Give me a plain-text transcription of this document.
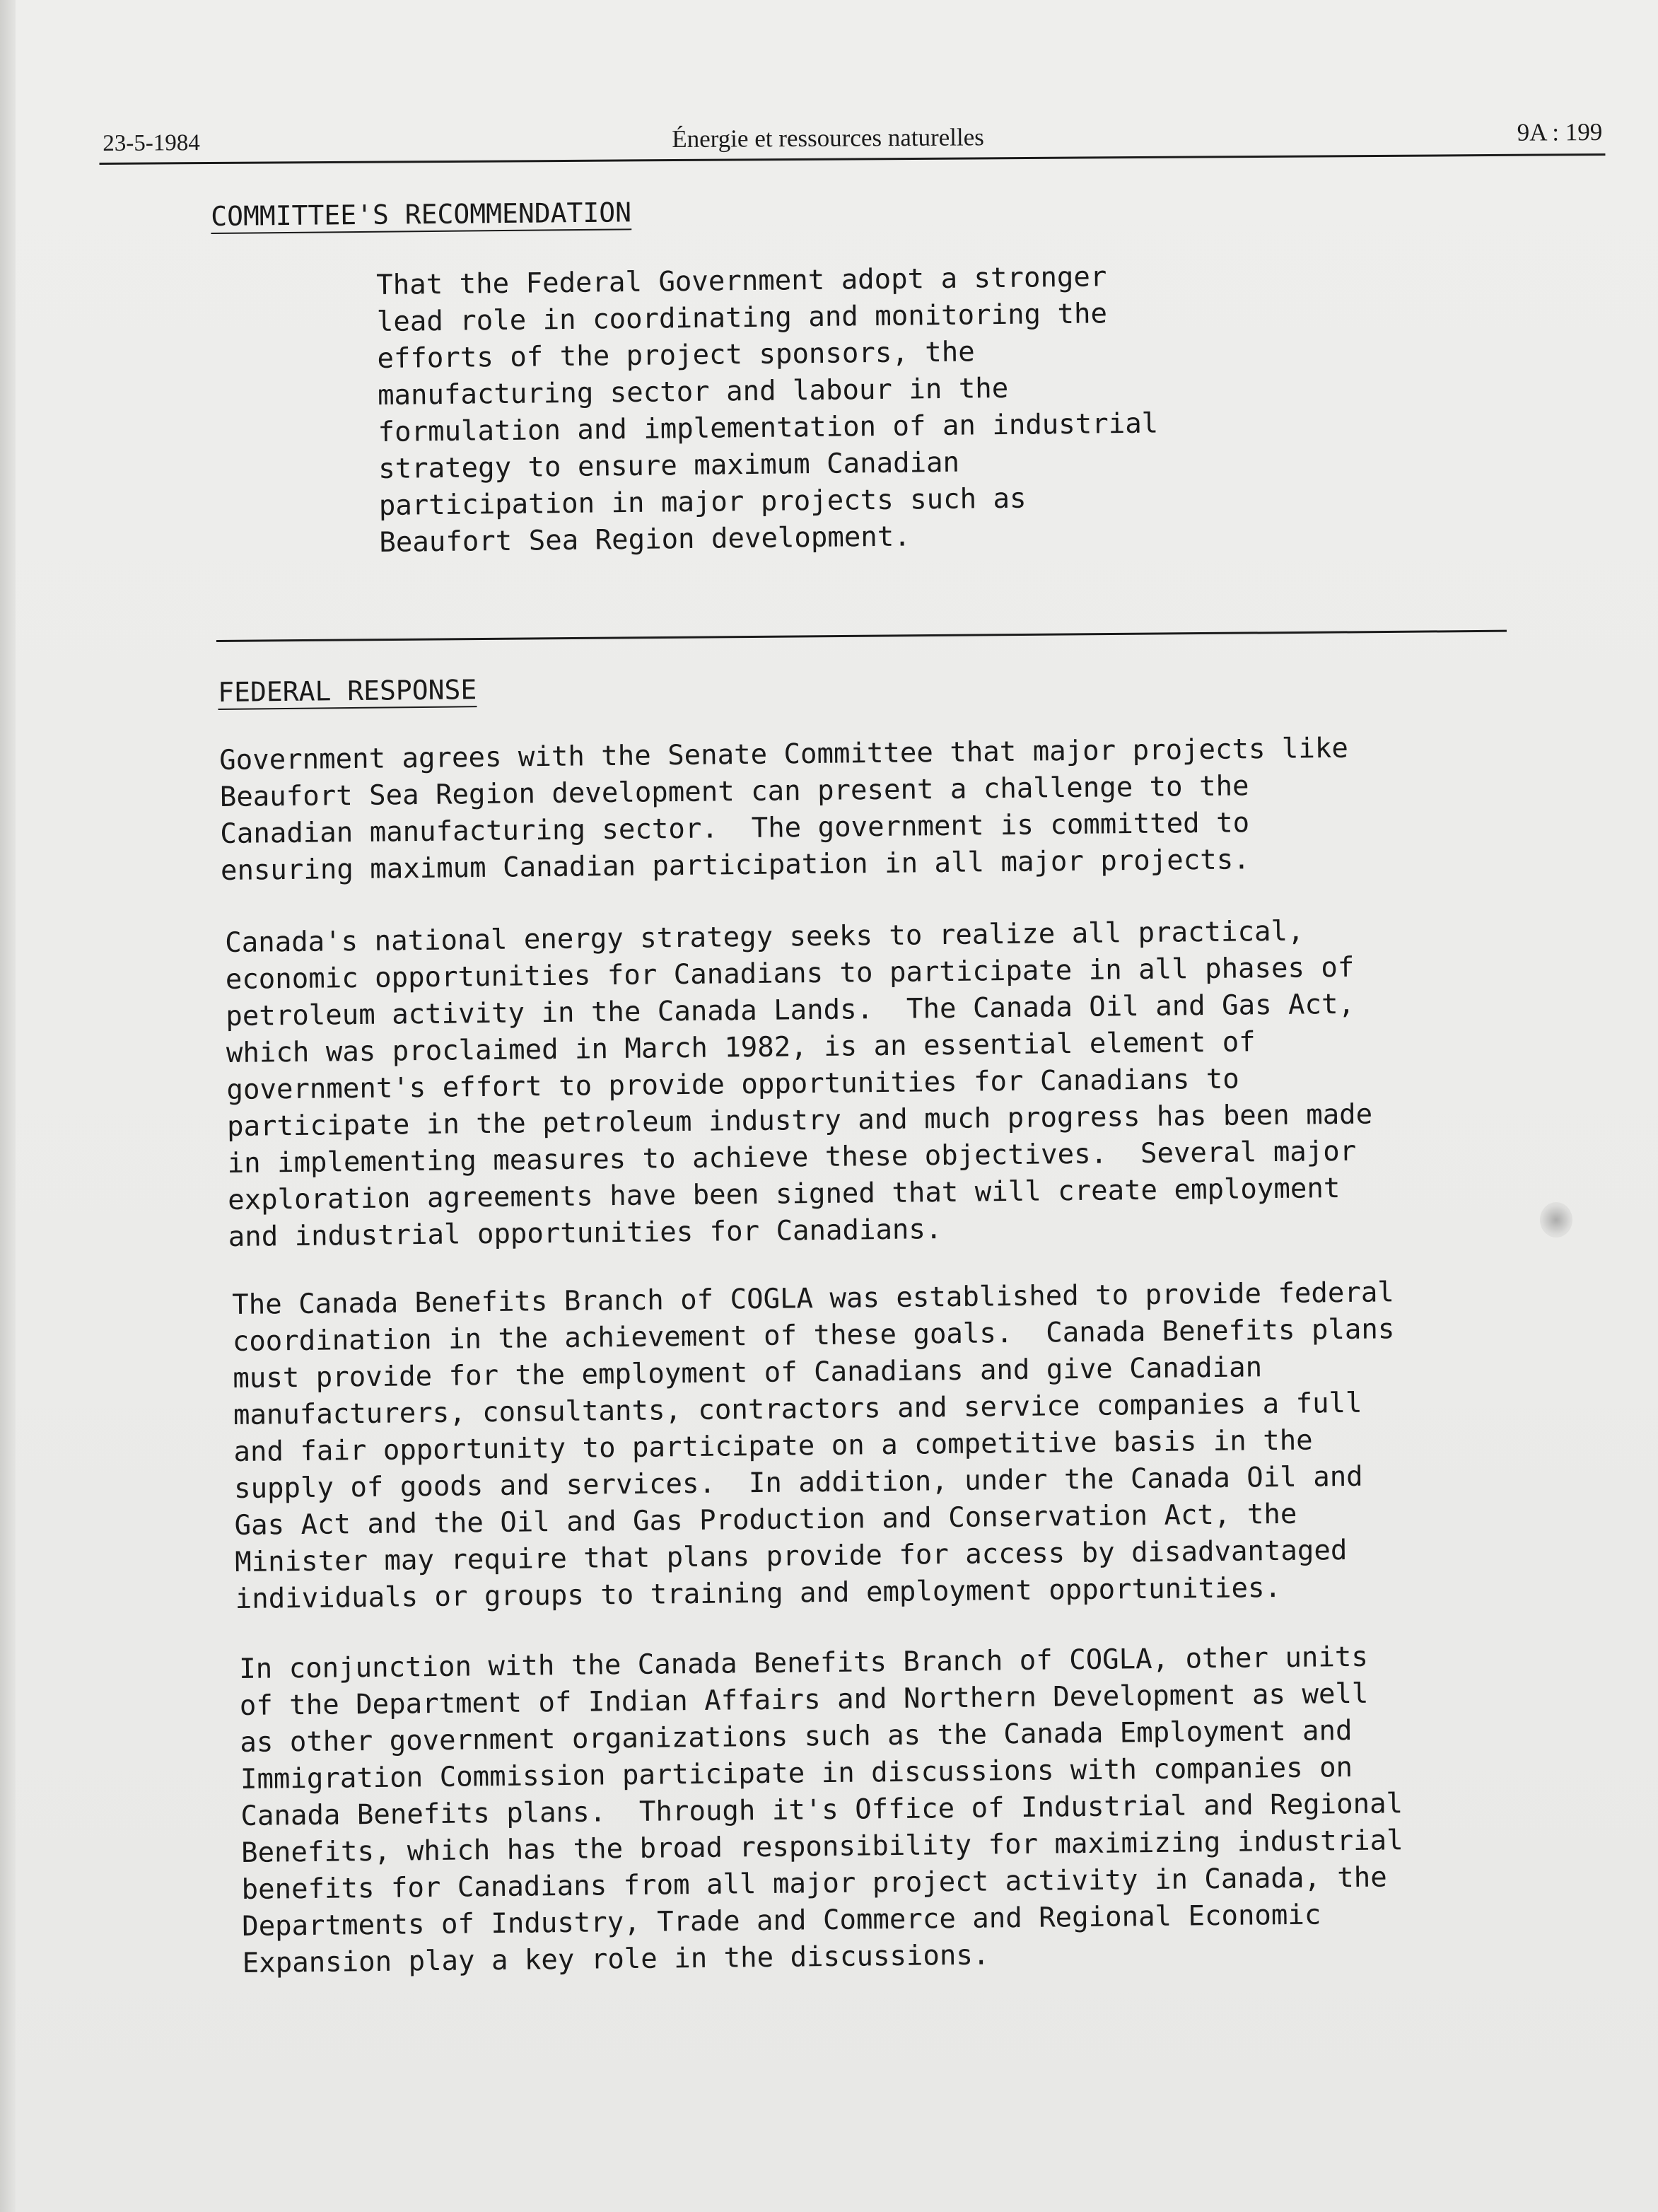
23-5-1984	Énergie et ressources naturelles	9A : 199
COMMITTEE'S RECOMMENDATION

That the Federal Government adopt a stronger
lead role in coordinating and monitoring the
efforts of the project sponsors, the
manufacturing sector and labour in the
formulation and implementation of an industrial
strategy to ensure maximum Canadian
participation in major projects such as
Beaufort Sea Region development.

FEDERAL RESPONSE

Government agrees with the Senate Committee that major projects like
Beaufort Sea Region development can present a challenge to the
Canadian manufacturing sector.  The government is committed to
ensuring maximum Canadian participation in all major projects.

Canada's national energy strategy seeks to realize all practical,
economic opportunities for Canadians to participate in all phases of
petroleum activity in the Canada Lands.  The Canada Oil and Gas Act,
which was proclaimed in March 1982, is an essential element of
government's effort to provide opportunities for Canadians to
participate in the petroleum industry and much progress has been made
in implementing measures to achieve these objectives.  Several major
exploration agreements have been signed that will create employment
and industrial opportunities for Canadians.

The Canada Benefits Branch of COGLA was established to provide federal
coordination in the achievement of these goals.  Canada Benefits plans
must provide for the employment of Canadians and give Canadian
manufacturers, consultants, contractors and service companies a full
and fair opportunity to participate on a competitive basis in the
supply of goods and services.  In addition, under the Canada Oil and
Gas Act and the Oil and Gas Production and Conservation Act, the
Minister may require that plans provide for access by disadvantaged
individuals or groups to training and employment opportunities.

In conjunction with the Canada Benefits Branch of COGLA, other units
of the Department of Indian Affairs and Northern Development as well
as other government organizations such as the Canada Employment and
Immigration Commission participate in discussions with companies on
Canada Benefits plans.  Through it's Office of Industrial and Regional
Benefits, which has the broad responsibility for maximizing industrial
benefits for Canadians from all major project activity in Canada, the
Departments of Industry, Trade and Commerce and Regional Economic
Expansion play a key role in the discussions.
